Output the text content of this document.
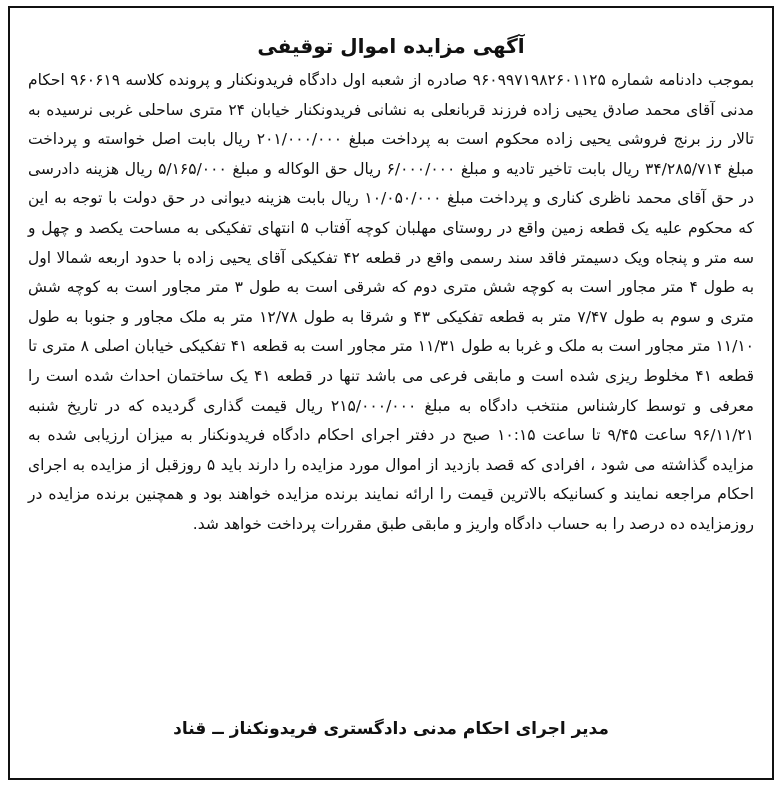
آگهی مزایده اموال توقیفی
بموجب دادنامه شماره ۹۶۰۹۹۷۱۹۸۲۶۰۱۱۲۵ صادره از شعبه اول دادگاه فریدونکنار و پرونده کلاسه ۹۶۰۶۱۹ احکام مدنی آقای محمد صادق یحیی زاده فرزند قربانعلی به نشانی فریدونکنار خیابان ۲۴ متری ساحلی غربی نرسیده به تالار رز برنج فروشی یحیی زاده محکوم است به پرداخت مبلغ ۲۰۱/۰۰۰/۰۰۰ ریال بابت اصل خواسته و پرداخت مبلغ ۳۴/۲۸۵/۷۱۴ ریال بابت تاخیر تادیه و مبلغ ۶/۰۰۰/۰۰۰ ریال حق الوکاله و مبلغ ۵/۱۶۵/۰۰۰ ریال هزینه دادرسی در حق آقای محمد ناظری کناری و پرداخت مبلغ ۱۰/۰۵۰/۰۰۰ ریال بابت هزینه دیوانی در حق دولت با توجه به این که محکوم علیه یک قطعه زمین واقع در روستای مهلبان کوچه آفتاب ۵ انتهای تفکیکی به مساحت یکصد و چهل و سه متر و پنجاه ویک دسیمتر فاقد سند رسمی واقع در قطعه ۴۲ تفکیکی آقای یحیی زاده با حدود اربعه شمالا اول به طول ۴ متر مجاور است به کوچه شش متری دوم که شرقی است به طول ۳ متر مجاور است به کوچه شش متری و سوم به طول ۷/۴۷ متر به قطعه تفکیکی ۴۳ و شرقا به طول ۱۲/۷۸ متر به ملک مجاور و جنوبا به طول ۱۱/۱۰ متر مجاور است به ملک و غربا به طول ۱۱/۳۱ متر مجاور است به قطعه ۴۱ تفکیکی خیابان اصلی ۸ متری تا قطعه ۴۱ مخلوط ریزی شده است و مابقی فرعی می باشد تنها در قطعه ۴۱ یک ساختمان احداث شده است را معرفی و توسط کارشناس منتخب دادگاه به مبلغ ۲۱۵/۰۰۰/۰۰۰ ریال قیمت گذاری گردیده که در تاریخ شنبه ۹۶/۱۱/۲۱ ساعت ۹/۴۵ تا ساعت ۱۰:۱۵ صبح در دفتر اجرای احکام دادگاه فریدونکنار به میزان ارزیابی شده به مزایده گذاشته می شود ، افرادی که قصد بازدید از اموال مورد مزایده را دارند باید ۵ روزقبل از مزایده به اجرای احکام مراجعه نمایند و کسانیکه بالاترین قیمت را ارائه نمایند برنده مزایده خواهند بود و همچنین برنده مزایده در روزمزایده ده درصد را به حساب دادگاه واریز و مابقی طبق مقررات پرداخت خواهد شد.
مدیر اجرای احکام مدنی دادگستری فریدونکناز ــ قناد
